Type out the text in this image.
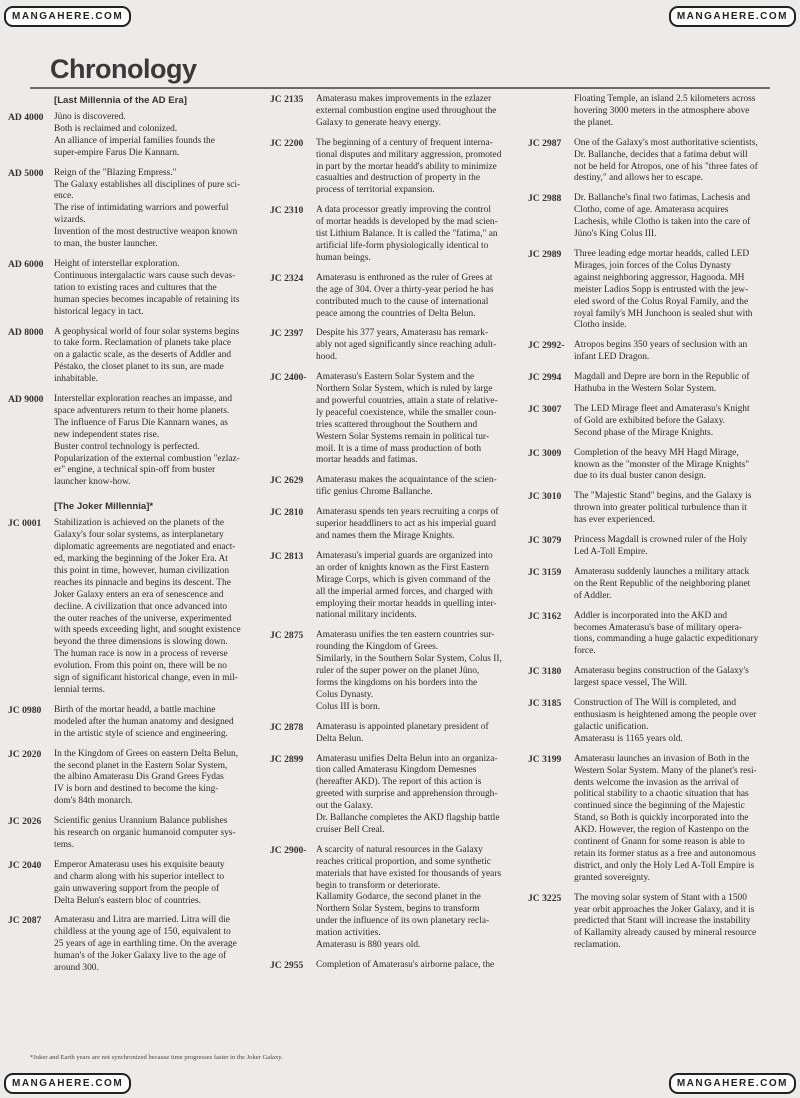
MANGAHERE.COM	MANGAHERE.COM
Chronology
[Last Millennia of the AD Era]
AD 4000	Jüno is discovered.

Both is reclaimed and colonized.

An alliance of imperial families founds the

super-empire Farus Die Kannarn.

AD 5000	Reign of the "Blazing Empress."

The Galaxy establishes all disciplines of pure sci-

ence.

The rise of intimidating warriors and powerful

wizards.

Invention of the most destructive weapon known

to man, the buster launcher.

AD 6000	Height of interstellar exploration.

Continuous intergalactic wars cause such devas-

tation to existing races and cultures that the

human species becomes incapable of retaining its

historical legacy in tact.

AD 8000	A geophysical world of four solar systems begins

to take form. Reclamation of planets take place

on a galactic scale, as the deserts of Addler and

Péstako, the closet planet to its sun, are made

inhabitable.

AD 9000	Interstellar exploration reaches an impasse, and

space adventurers return to their home planets.

The influence of Farus Die Kannarn wanes, as

new independent states rise.

Buster control technology is perfected.

Popularization of the external combustion "ezlaz-

er" engine, a technical spin-off from buster

launcher know-how.

[The Joker Millennia]*
JC 0001	Stabilization is achieved on the planets of the

Galaxy's four solar systems, as interplanetary

diplomatic agreements are negotiated and enact-

ed, marking the beginning of the Joker Era. At

this point in time, however, human civilization

reaches its pinnacle and begins its descent. The

Joker Galaxy enters an era of senescence and

decline. A civilization that once advanced into

the outer reaches of the universe, experimented

with speeds exceeding light, and sought existence

beyond the three dimensions is slowing down.

The human race is now in a process of reverse

evolution. From this point on, there will be no

sign of significant historical change, even in mil-

lennial terms.

JC 0980	Birth of the mortar headd, a battle machine

modeled after the human anatomy and designed

in the artistic style of science and engineering.

JC 2020	In the Kingdom of Grees on eastern Delta Belun,

the second planet in the Eastern Solar System,

the albino Amaterasu Dis Grand Grees Fydas

IV is born and destined to become the king-

dom's 84th monarch.

JC 2026	Scientific genius Urannium Balance publishes

his research on organic humanoid computer sys-

tems.

JC 2040	Emperor Amaterasu uses his exquisite beauty

and charm along with his superior intellect to

gain unwavering support from the people of

Delta Belun's eastern bloc of countries.

JC 2087	Amaterasu and Litra are married. Litra will die

childless at the young age of 150, equivalent to

25 years of age in earthling time. On the average

human's of the Joker Galaxy live to the age of

around 300.

JC 2135	Amaterasu makes improvements in the ezlazer

external combustion engine used throughout the

Galaxy to generate heavy energy.

JC 2200	The beginning of a century of frequent interna-

tional disputes and military aggression, promoted

in part by the mortar headd's ability to minimize

casualties and destruction of property in the

process of territorial expansion.

JC 2310	A data processor greatly improving the control

of mortar headds is developed by the mad scien-

tist Lithium Balance. It is called the "fatima," an

artificial life-form physiologically identical to

human beings.

JC 2324	Amaterasu is enthroned as the ruler of Grees at

the age of 304. Over a thirty-year period he has

contributed much to the cause of international

peace among the countries of Delta Belun.

JC 2397	Despite his 377 years, Amaterasu has remark-

ably not aged significantly since reaching adult-

hood.

JC 2400-	Amaterasu's Eastern Solar System and the

Northern Solar System, which is ruled by large

and powerful countries, attain a state of relative-

ly peaceful coexistence, while the smaller coun-

tries scattered throughout the Southern and

Western Solar Systems remain in political tur-

moil. It is a time of mass production of both

mortar headds and fatimas.

JC 2629	Amaterasu makes the acquaintance of the scien-

tific genius Chrome Ballanche.

JC 2810	Amaterasu spends ten years recruiting a corps of

superior headdliners to act as his imperial guard

and names them the Mirage Knights.

JC 2813	Amaterasu's imperial guards are organized into

an order of knights known as the First Eastern

Mirage Corps, which is given command of the

all the imperial armed forces, and charged with

employing their mortar headds in quelling inter-

national military incidents.

JC 2875	Amaterasu unifies the ten eastern countries sur-

rounding the Kingdom of Grees.

Similarly, in the Southern Solar System, Colus II,

ruler of the super power on the planet Jüno,

forms the kingdoms on his borders into the

Colus Dynasty.

Colus III is born.

JC 2878	Amaterasu is appointed planetary president of

Delta Belun.

JC 2899	Amaterasu unifies Delta Belun into an organiza-

tion called Amaterasu Kingdom Demesnes

(hereafter AKD). The report of this action is

greeted with surprise and apprehension through-

out the Galaxy.

Dr. Ballanche completes the AKD flagship battle

cruiser Bell Creal.

JC 2900-	A scarcity of natural resources in the Galaxy

reaches critical proportion, and some synthetic

materials that have existed for thousands of years

begin to transform or deteriorate.

Kallamity Godarce, the second planet in the

Northern Solar System, begins to transform

under the influence of its own planetary recla-

mation activities.

Amaterasu is 880 years old.

JC 2955	Completion of Amaterasu's airborne palace, the

Floating Temple, an island 2.5 kilometers across

hovering 3000 meters in the atmosphere above

the planet.

JC 2987	One of the Galaxy's most authoritative scientists,

Dr. Ballanche, decides that a fatima debut will

not be held for Atropos, one of his "three fates of

destiny," and allows her to escape.

JC 2988	Dr. Ballanche's final two fatimas, Lachesis and

Clotho, come of age. Amaterasu acquires

Lachesis, while Clotho is taken into the care of

Jüno's King Colus III.

JC 2989	Three leading edge mortar headds, called LED

Mirages, join forces of the Colus Dynasty

against neighboring aggressor, Hagooda. MH

meister Ladios Sopp is entrusted with the jew-

eled sword of the Colus Royal Family, and the

royal family's MH Junchoon is sealed shut with

Clotho inside.

JC 2992-	Atropos begins 350 years of seclusion with an

infant LED Dragon.

JC 2994	Magdall and Depre are born in the Republic of

Hathuba in the Western Solar System.

JC 3007	The LED Mirage fleet and Amaterasu's Knight

of Gold are exhibited before the Galaxy.

Second phase of the Mirage Knights.

JC 3009	Completion of the heavy MH Hagd Mirage,

known as the "monster of the Mirage Knights"

due to its dual buster canon design.

JC 3010	The "Majestic Stand" begins, and the Galaxy is

thrown into greater political turbulence than it

has ever experienced.

JC 3079	Princess Magdall is crowned ruler of the Holy

Led A-Toll Empire.

JC 3159	Amaterasu suddenly launches a military attack

on the Rent Republic of the neighboring planet

of Addler.

JC 3162	Addler is incorporated into the AKD and

becomes Amaterasu's base of military opera-

tions, commanding a huge galactic expeditionary

force.

JC 3180	Amaterasu begins construction of the Galaxy's

largest space vessel, The Will.

JC 3185	Construction of The Will is completed, and

enthusiasm is heightened among the people over

galactic unification.

Amaterasu is 1165 years old.

JC 3199	Amaterasu launches an invasion of Both in the

Western Solar System. Many of the planet's resi-

dents welcome the invasion as the arrival of

political stability to a chaotic situation that has

continued since the beginning of the Majestic

Stand, so Both is quickly incorporated into the

AKD. However, the region of Kastenpo on the

continent of Gnann for some reason is able to

retain its former status as a free and autonomous

district, and only the Holy Led A-Toll Empire is

granted sovereignty.

JC 3225	The moving solar system of Stant with a 1500

year orbit approaches the Joker Galaxy, and it is

predicted that Stant will increase the instability

of Kallamity already caused by mineral resource

reclamation.

*Joker and Earth years are not synchronized because time progresses faster in the Joker Galaxy.
MANGAHERE.COM	MANGAHERE.COM
